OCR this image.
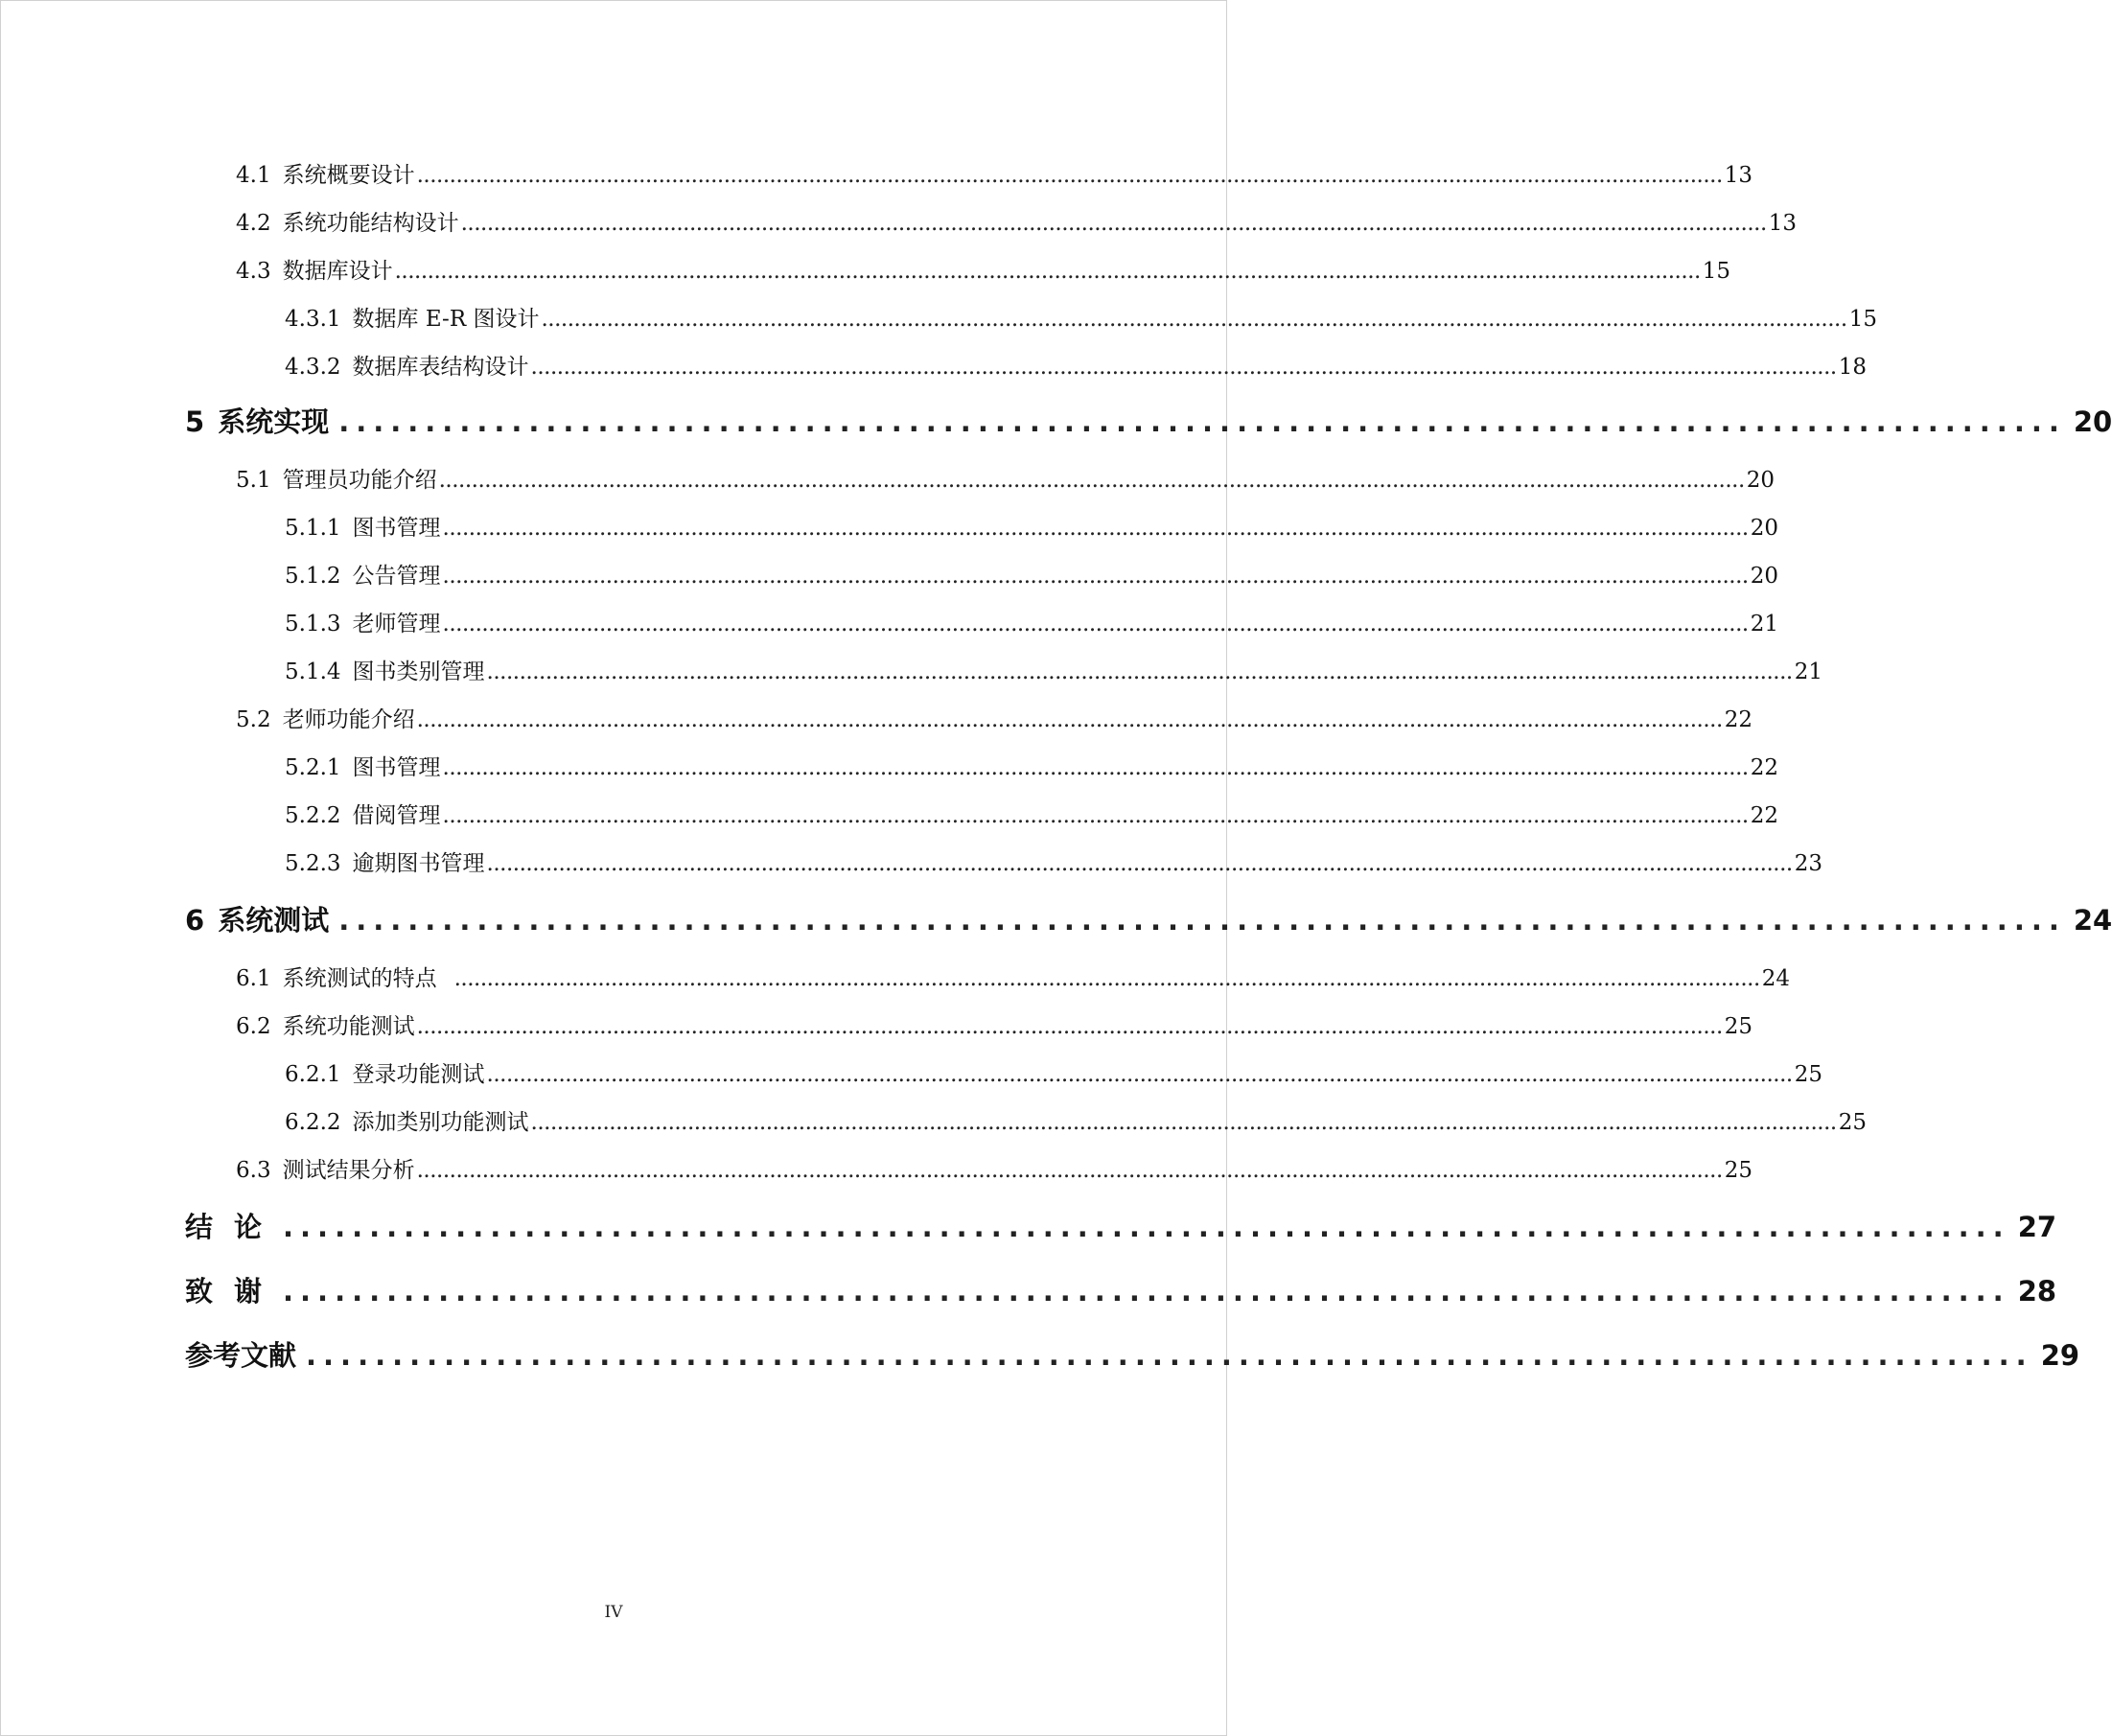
4.1 系统概要设计 ........................................................................................................................................................................................................ 13
4.2 系统功能结构设计 ........................................................................................................................................................................................................ 13
4.3 数据库设计 ........................................................................................................................................................................................................ 15
4.3.1 数据库 E-R 图设计 ........................................................................................................................................................................................................ 15
4.3.2 数据库表结构设计 ........................................................................................................................................................................................................ 18
5 系统实现 .................................................................................................... 20
5.1 管理员功能介绍 ........................................................................................................................................................................................................ 20
5.1.1 图书管理 ........................................................................................................................................................................................................ 20
5.1.2 公告管理 ........................................................................................................................................................................................................ 20
5.1.3 老师管理 ........................................................................................................................................................................................................ 21
5.1.4 图书类别管理 ........................................................................................................................................................................................................ 21
5.2 老师功能介绍 ........................................................................................................................................................................................................ 22
5.2.1 图书管理 ........................................................................................................................................................................................................ 22
5.2.2 借阅管理 ........................................................................................................................................................................................................ 22
5.2.3 逾期图书管理 ........................................................................................................................................................................................................ 23
6 系统测试 .................................................................................................... 24
6.1 系统测试的特点 ........................................................................................................................................................................................................ 24
6.2 系统功能测试 ........................................................................................................................................................................................................ 25
6.2.1 登录功能测试 ........................................................................................................................................................................................................ 25
6.2.2 添加类别功能测试 ........................................................................................................................................................................................................ 25
6.3 测试结果分析 ........................................................................................................................................................................................................ 25
结论 .................................................................................................... 27
致谢 .................................................................................................... 28
参考文献 .................................................................................................... 29
IV
